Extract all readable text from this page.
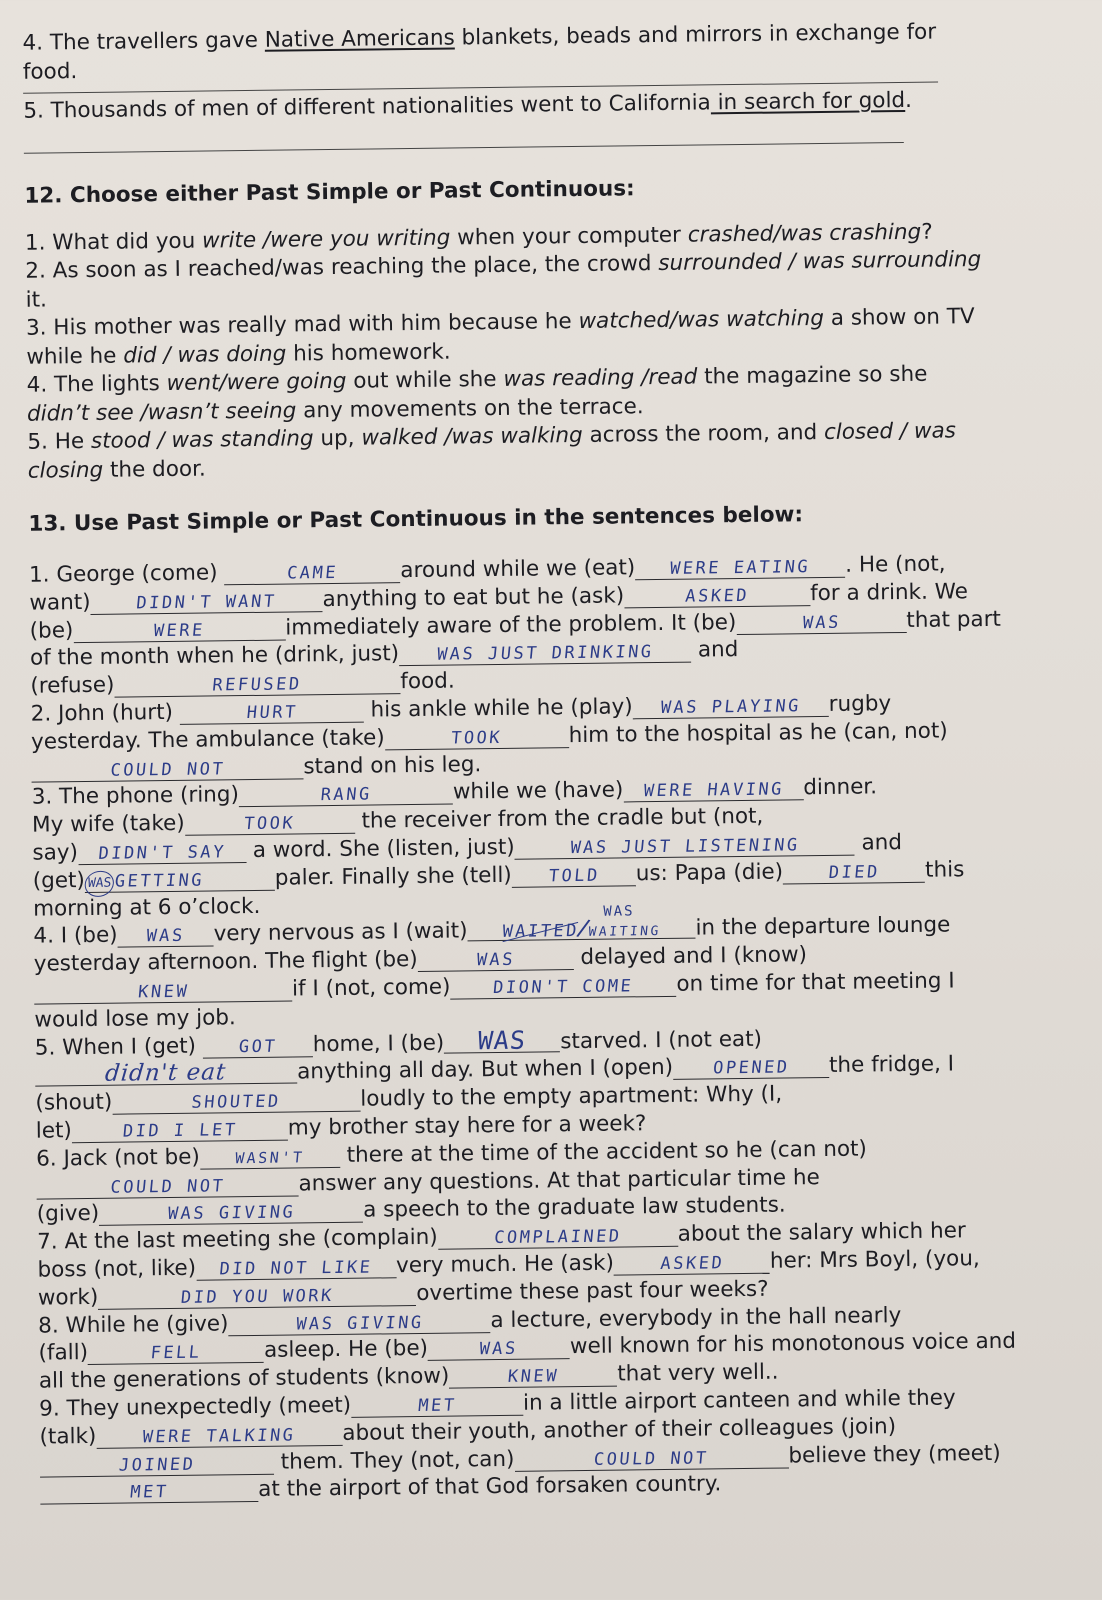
4. The travellers gave Native Americans blankets, beads and mirrors in exchange for
food.
5. Thousands of men of different nationalities went to California in search for gold.
12. Choose either Past Simple or Past Continuous:
1. What did you write /were you writing when your computer crashed/was crashing?
2. As soon as I reached/was reaching the place, the crowd surrounded / was surrounding
it.
3. His mother was really mad with him because he watched/was watching a show on TV
while he did / was doing his homework.
4. The lights went/were going out while she was reading /read the magazine so she
didn’t see /wasn’t seeing any movements on the terrace.
5. He stood / was standing up, walked /was walking across the room, and closed / was
closing the door.
13. Use Past Simple or Past Continuous in the sentences below:
1. George (come)	CAME	around while we (eat) WERE EATING . He (not,
want)	DIDN'T WANT anything to eat but he (ask)	ASKED	for a drink. We
(be)	WERE	immediately aware of the problem. It (be)	WAS	that part
of the month when he (drink, just) WAS JUST DRINKING and
(refuse)	REFUSED	food.
2. John (hurt)	HURT	his ankle while he (play) WAS PLAYING rugby
yesterday. The ambulance (take)	TOOK	him to the hospital as he (can, not)
COULD NOT	stand on his leg.
3. The phone (ring)	RANG	while we (have) WERE HAVING dinner.
My wife (take)	TOOK	the receiver from the cradle but (not,
say) DIDN'T SAY a word. She (listen, just)	WAS JUST LISTENING	and
(get) WASGETTING	paler. Finally she (tell) TOLD us: Papa (die)	DIED this
morning at 6 o’clock.
4. I (be) WAS very nervous as I (wait) WAITED/WAITING
WAS
in the departure lounge
yesterday afternoon. The flight (be)	WAS	delayed and I (know)
KNEW	if I (not, come) DION'T COME on time for that meeting I
would lose my job.
5. When I (get) GOT home, I (be) WAS starved. I (not eat)
didn't eat	anything all day. But when I (open) OPENED the fridge, I
(shout)	SHOUTED	loudly to the empty apartment: Why (I,
let)	DID I LET my brother stay here for a week?
6. Jack (not be) WASN'T there at the time of the accident so he (can not)
COULD NOT	answer any questions. At that particular time he
(give)	WAS GIVING	a speech to the graduate law students.
7. At the last meeting she (complain)	COMPLAINED	about the salary which her
boss (not, like) DID NOT LIKE very much. He (ask)	ASKED her: Mrs Boyl, (you,
work)	DID YOU WORK	overtime these past four weeks?
8. While he (give)	WAS GIVING	a lecture, everybody in the hall nearly
(fall)	FELL	asleep. He (be)	WAS well known for his monotonous voice and
all the generations of students (know)	KNEW	that very well..
9. They unexpectedly (meet)	MET	in a little airport canteen and while they
(talk)	WERE TALKING about their youth, another of their colleagues (join)
JOINED	them. They (not, can)	COULD NOT	believe they (meet)
MET	at the airport of that God forsaken country.
